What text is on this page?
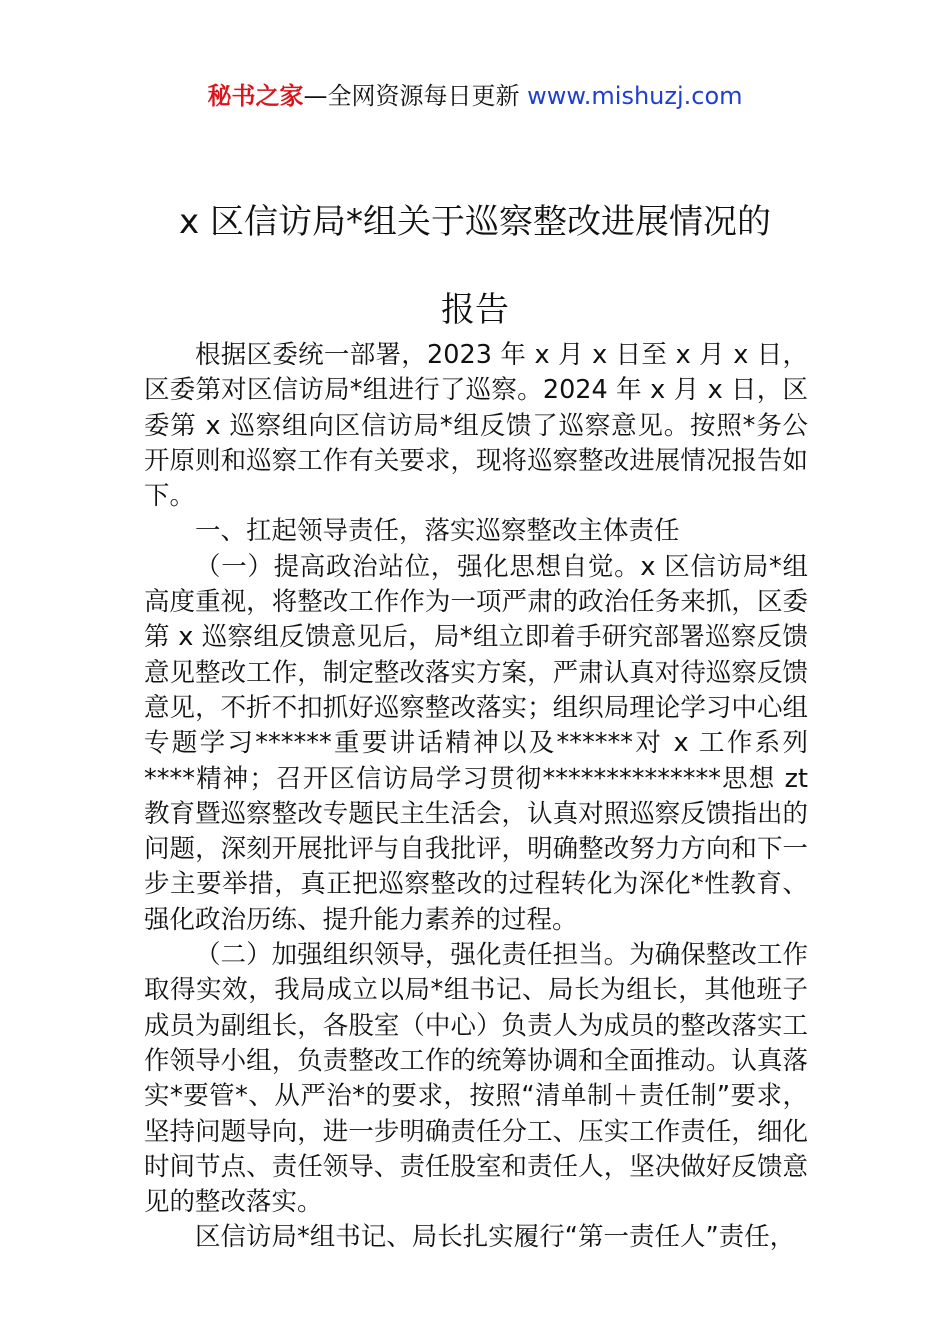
秘书之家—全网资源每日更新 www.mishuzj.com
x 区信访局*组关于巡察整改进展情况的
报告

根据区委统一部署，2023 年 x 月 x 日至 x 月 x 日，区委第对区信访局*组进行了巡察。2024 年 x 月 x 日，区委第 x 巡察组向区信访局*组反馈了巡察意见。按照*务公开原则和巡察工作有关要求，现将巡察整改进展情况报告如下。

一、扛起领导责任，落实巡察整改主体责任

（一）提高政治站位，强化思想自觉。x 区信访局*组高度重视，将整改工作作为一项严肃的政治任务来抓，区委第 x 巡察组反馈意见后，局*组立即着手研究部署巡察反馈意见整改工作，制定整改落实方案，严肃认真对待巡察反馈意见，不折不扣抓好巡察整改落实；组织局理论学习中心组专题学习******重要讲话精神以及******对 x 工作系列****精神；召开区信访局学习贯彻**************思想 zt 教育暨巡察整改专题民主生活会，认真对照巡察反馈指出的问题，深刻开展批评与自我批评，明确整改努力方向和下一步主要举措，真正把巡察整改的过程转化为深化*性教育、强化政治历练、提升能力素养的过程。

（二）加强组织领导，强化责任担当。为确保整改工作取得实效，我局成立以局*组书记、局长为组长，其他班子成员为副组长，各股室（中心）负责人为成员的整改落实工作领导小组，负责整改工作的统筹协调和全面推动。认真落实*要管*、从严治*的要求，按照“清单制＋责任制”要求，坚持问题导向，进一步明确责任分工、压实工作责任，细化时间节点、责任领导、责任股室和责任人，坚决做好反馈意见的整改落实。

区信访局*组书记、局长扎实履行“第一责任人”责任，
